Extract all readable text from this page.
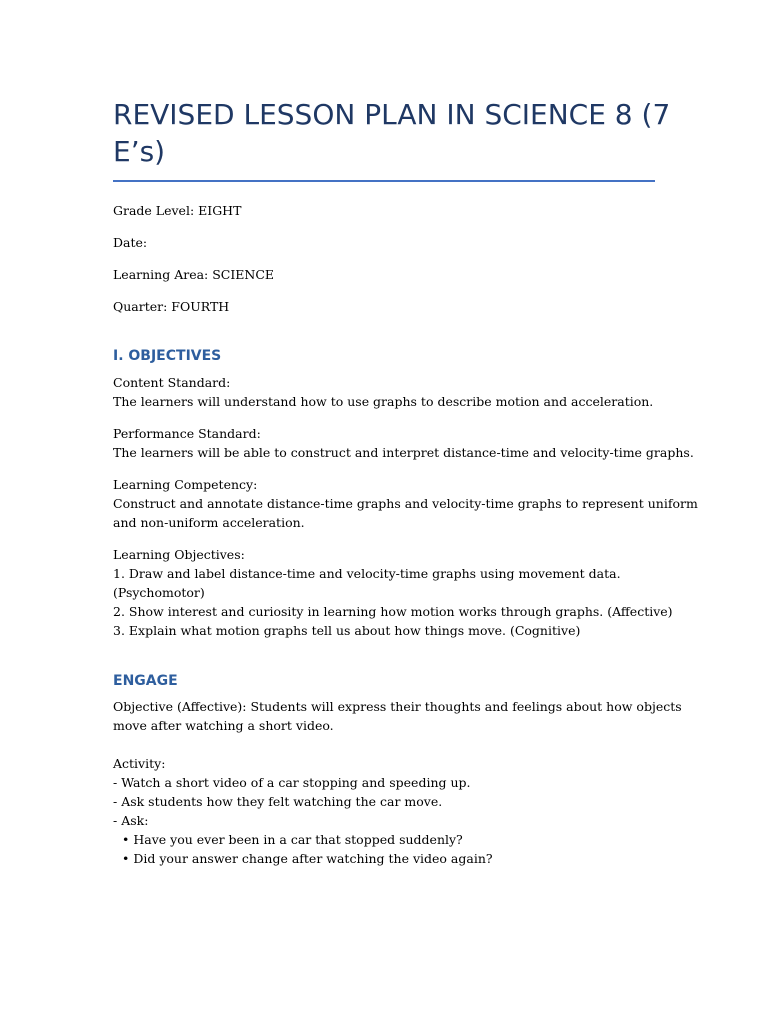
REVISED LESSON PLAN IN SCIENCE 8 (7 E’s)

Grade Level: EIGHT

Date:

Learning Area: SCIENCE

Quarter: FOURTH

I. OBJECTIVES

Content Standard:

The learners will understand how to use graphs to describe motion and acceleration.

Performance Standard:

The learners will be able to construct and interpret distance-time and velocity-time graphs.

Learning Competency:

Construct and annotate distance-time graphs and velocity-time graphs to represent uniform

and non-uniform acceleration.

Learning Objectives:

1. Draw and label distance-time and velocity-time graphs using movement data.

(Psychomotor)

2. Show interest and curiosity in learning how motion works through graphs. (Affective)

3. Explain what motion graphs tell us about how things move. (Cognitive)

ENGAGE

Objective (Affective): Students will express their thoughts and feelings about how objects

move after watching a short video.

Activity:

- Watch a short video of a car stopping and speeding up.

- Ask students how they felt watching the car move.

- Ask:

• Have you ever been in a car that stopped suddenly?

• Did your answer change after watching the video again?
